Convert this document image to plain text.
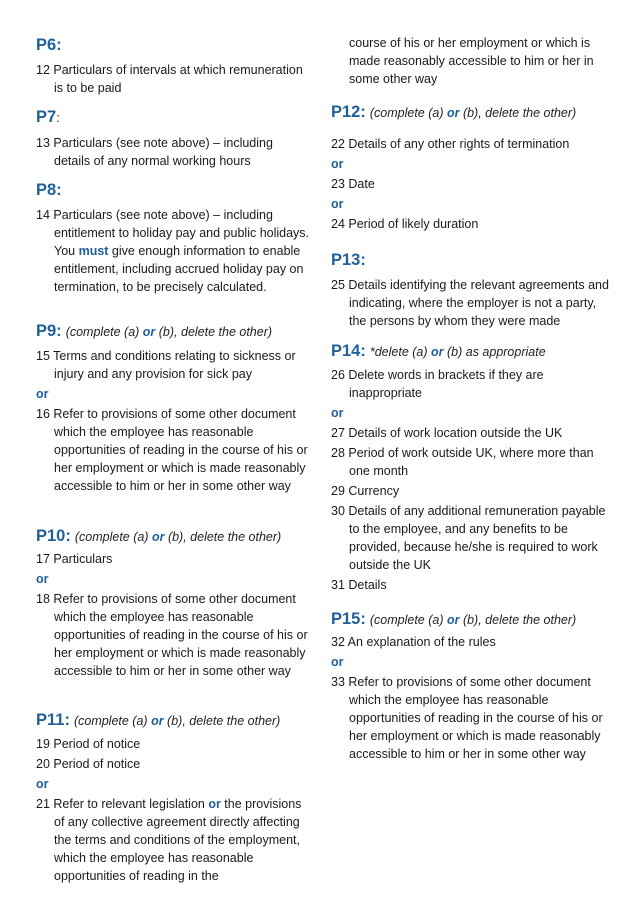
P6:

12 Particulars of intervals at which remuneration is to be paid

P7:

13 Particulars (see note above) – including details of any normal working hours

P8:

14 Particulars (see note above) – including entitlement to holiday pay and public holidays. You must give enough information to enable entitlement, including accrued holiday pay on termination, to be precisely calculated.

P9: (complete (a) or (b), delete the other)

15 Terms and conditions relating to sickness or injury and any provision for sick pay

or

16 Refer to provisions of some other document which the employee has reasonable opportunities of reading in the course of his or her employment or which is made reasonably accessible to him or her in some other way

P10: (complete (a) or (b), delete the other)

17 Particulars

or

18 Refer to provisions of some other document which the employee has reasonable opportunities of reading in the course of his or her employment or which is made reasonably accessible to him or her in some other way

P11: (complete (a) or (b), delete the other)

19 Period of notice

20 Period of notice

or

21 Refer to relevant legislation or the provisions of any collective agreement directly affecting the terms and conditions of the employment, which the employee has reasonable opportunities of reading in the

course of his or her employment or which is made reasonably accessible to him or her in some other way

P12: (complete (a) or (b), delete the other)

22 Details of any other rights of termination

or

23 Date

or

24 Period of likely duration

P13:

25 Details identifying the relevant agreements and indicating, where the employer is not a party, the persons by whom they were made

P14: *delete (a) or (b) as appropriate

26 Delete words in brackets if they are inappropriate

or

27 Details of work location outside the UK

28 Period of work outside UK, where more than one month

29 Currency

30 Details of any additional remuneration payable to the employee, and any benefits to be provided, because he/she is required to work outside the UK

31 Details

P15: (complete (a) or (b), delete the other)

32 An explanation of the rules

or

33 Refer to provisions of some other document which the employee has reasonable opportunities of reading in the course of his or her employment or which is made reasonably accessible to him or her in some other way
